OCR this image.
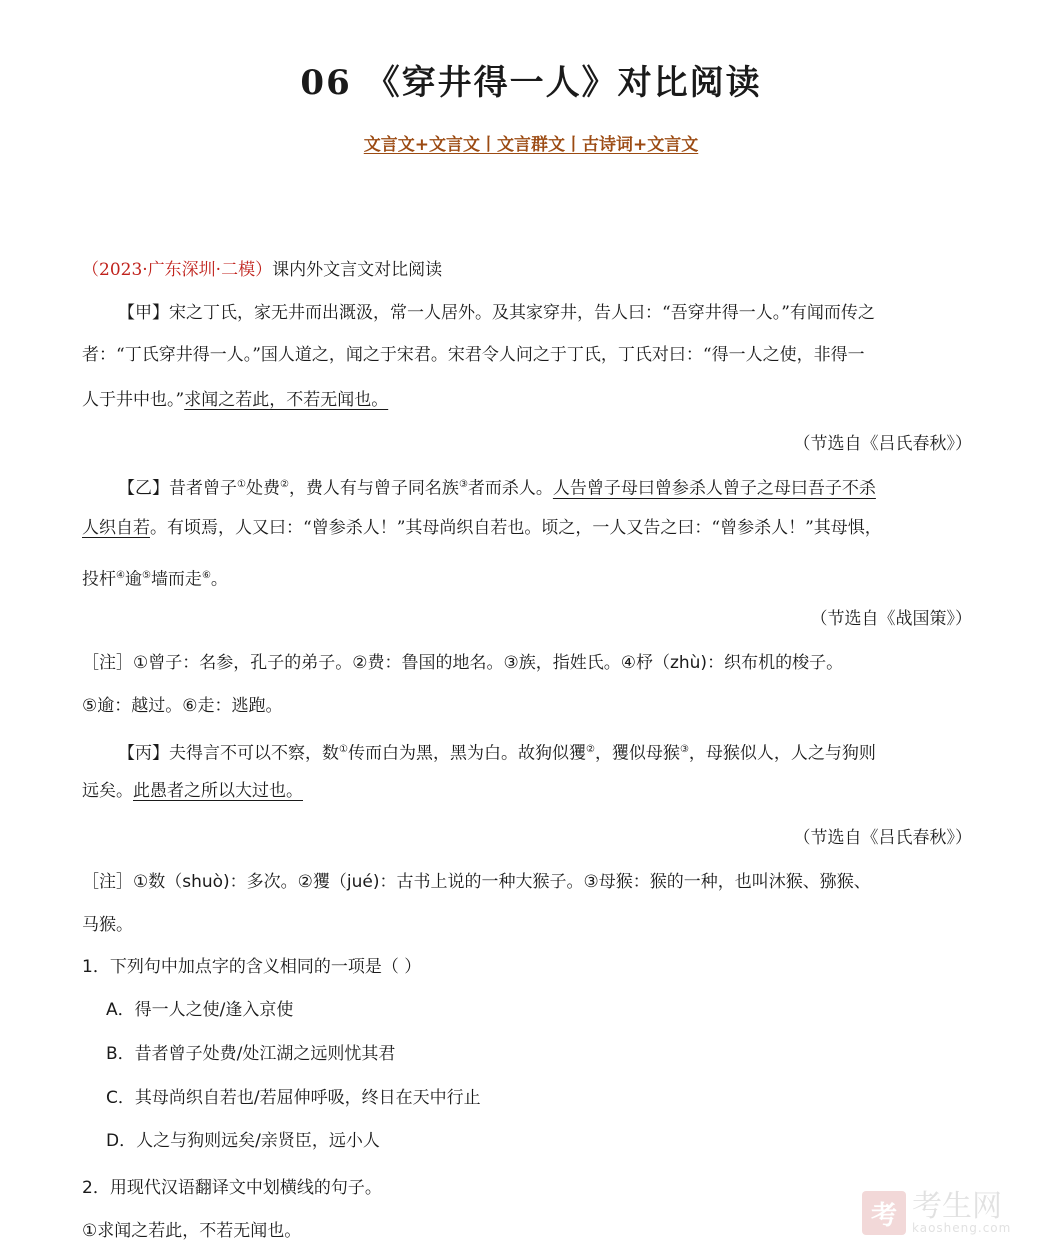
06 《穿井得一人》对比阅读
文言文+文言文丨文言群文丨古诗词+文言文
（2023·广东深圳·二模）课内外文言文对比阅读
【甲】宋之丁氏，家无井而出溉汲，常一人居外。及其家穿井，告人曰：“吾穿井得一人。”有闻而传之
者：“丁氏穿井得一人。”国人道之，闻之于宋君。宋君令人问之于丁氏，丁氏对曰：“得一人之使，非得一
人于井中也。”求闻之若此，不若无闻也。
（节选自《吕氏春秋》）
【乙】昔者曾子①处费②，费人有与曾子同名族③者而杀人。人告曾子母曰曾参杀人曾子之母曰吾子不杀
人织自若。有顷焉，人又曰：“曾参杀人！”其母尚织自若也。顷之，一人又告之曰：“曾参杀人！”其母惧，
投杆④逾⑤墙而走⑥。
（节选自《战国策》）
［注］①曾子：名参，孔子的弟子。②费：鲁国的地名。③族，指姓氏。④杼（zhù)：织布机的梭子。
⑤逾：越过。⑥走：逃跑。
【丙】夫得言不可以不察，数①传而白为黑，黑为白。故狗似玃②，玃似母猴③，母猴似人，人之与狗则
远矣。此愚者之所以大过也。
（节选自《吕氏春秋》）
［注］①数（shuò)：多次。②玃（jué)：古书上说的一种大猴子。③母猴：猴的一种，也叫沐猴、猕猴、
马猴。
1．下列句中加点字的含义相同的一项是（ ）
A．得一人之使/逢入京使
B．昔者曾子处费/处江湖之远则忧其君
C．其母尚织自若也/若屈伸呼吸，终日在天中行止
D．人之与狗则远矣/亲贤臣，远小人
2．用现代汉语翻译文中划横线的句子。
①求闻之若此，不若无闻也。
考 考生网
kaosheng.com
